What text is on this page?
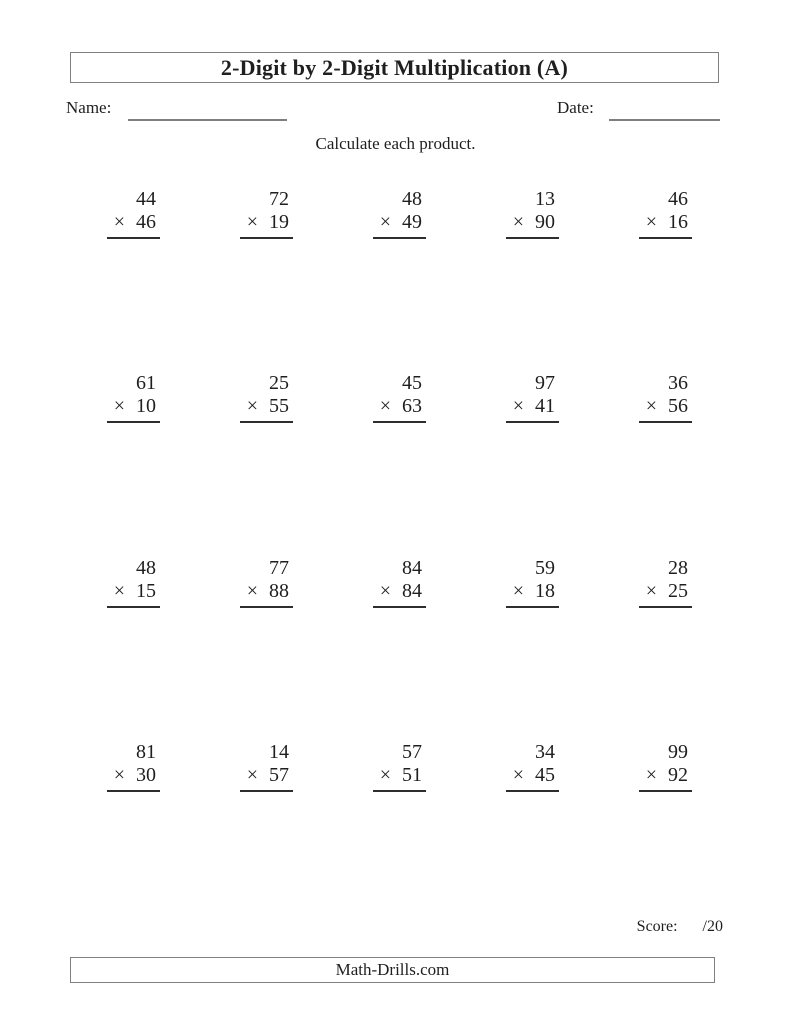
2-Digit by 2-Digit Multiplication (A)
Name:	Date:
Calculate each product.
44
× 46
72
× 19
48
× 49
13
× 90
46
× 16
61
× 10
25
× 55
45
× 63
97
× 41
36
× 56
48
× 15
77
× 88
84
× 84
59
× 18
28
× 25
81
× 30
14
× 57
57
× 51
34
× 45
99
× 92
Score: /20
Math-Drills.com
